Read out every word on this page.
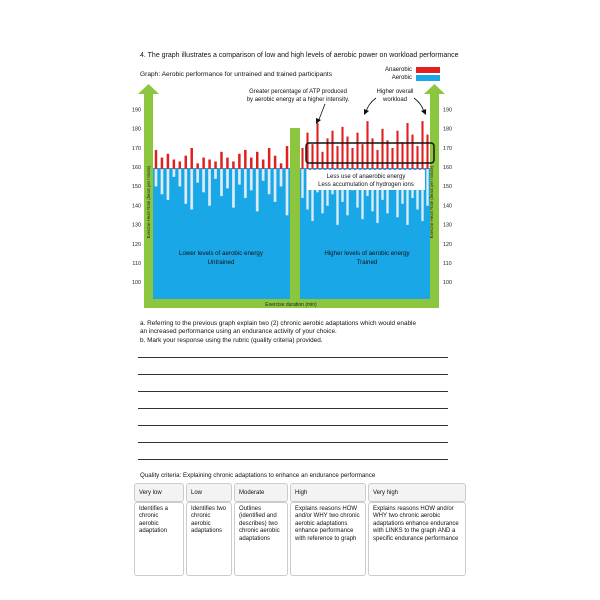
4. The graph illustrates a comparison of low and high levels of aerobic power on workload performance
Graph: Aerobic performance for untrained and trained participants
Anaerobic
Aerobic
190
180
170
160
150
140
130
120
110
100
190
180
170
160
150
140
130
120
110
100
Exercise Heart Rate (beats per minute)	Exercise Heart Rate (beats per minute)
Exercise duration (min)
Lower levels of aerobic energy
Untrained
Higher levels of aerobic energy
Trained
Greater percentage of ATP produced
by aerobic energy at a higher intensity.
Higher overall
workload
Less use of anaerobic energy
Less accumulation of hydrogen ions
a. Referring to the previous graph explain two (2) chronic aerobic adaptations which would enable
an increased performance using an endurance activity of your choice.
b. Mark your response using the rubric (quality criteria) provided.
Quality criteria: Explaining chronic adaptations to enhance an endurance performance
Very low	Low	Moderate	High	Very high
Identifies a chronic aerobic adaptation	Identifies two chronic aerobic adaptations	Outlines (identified and describes) two chronic aerobic adaptations	Explains reasons HOW and/or WHY two chronic aerobic adaptations enhance performance with reference to graph	Explains reasons HOW and/or WHY two chronic aerobic adaptations enhance endurance with LINKS to the graph AND a specific endurance performance
